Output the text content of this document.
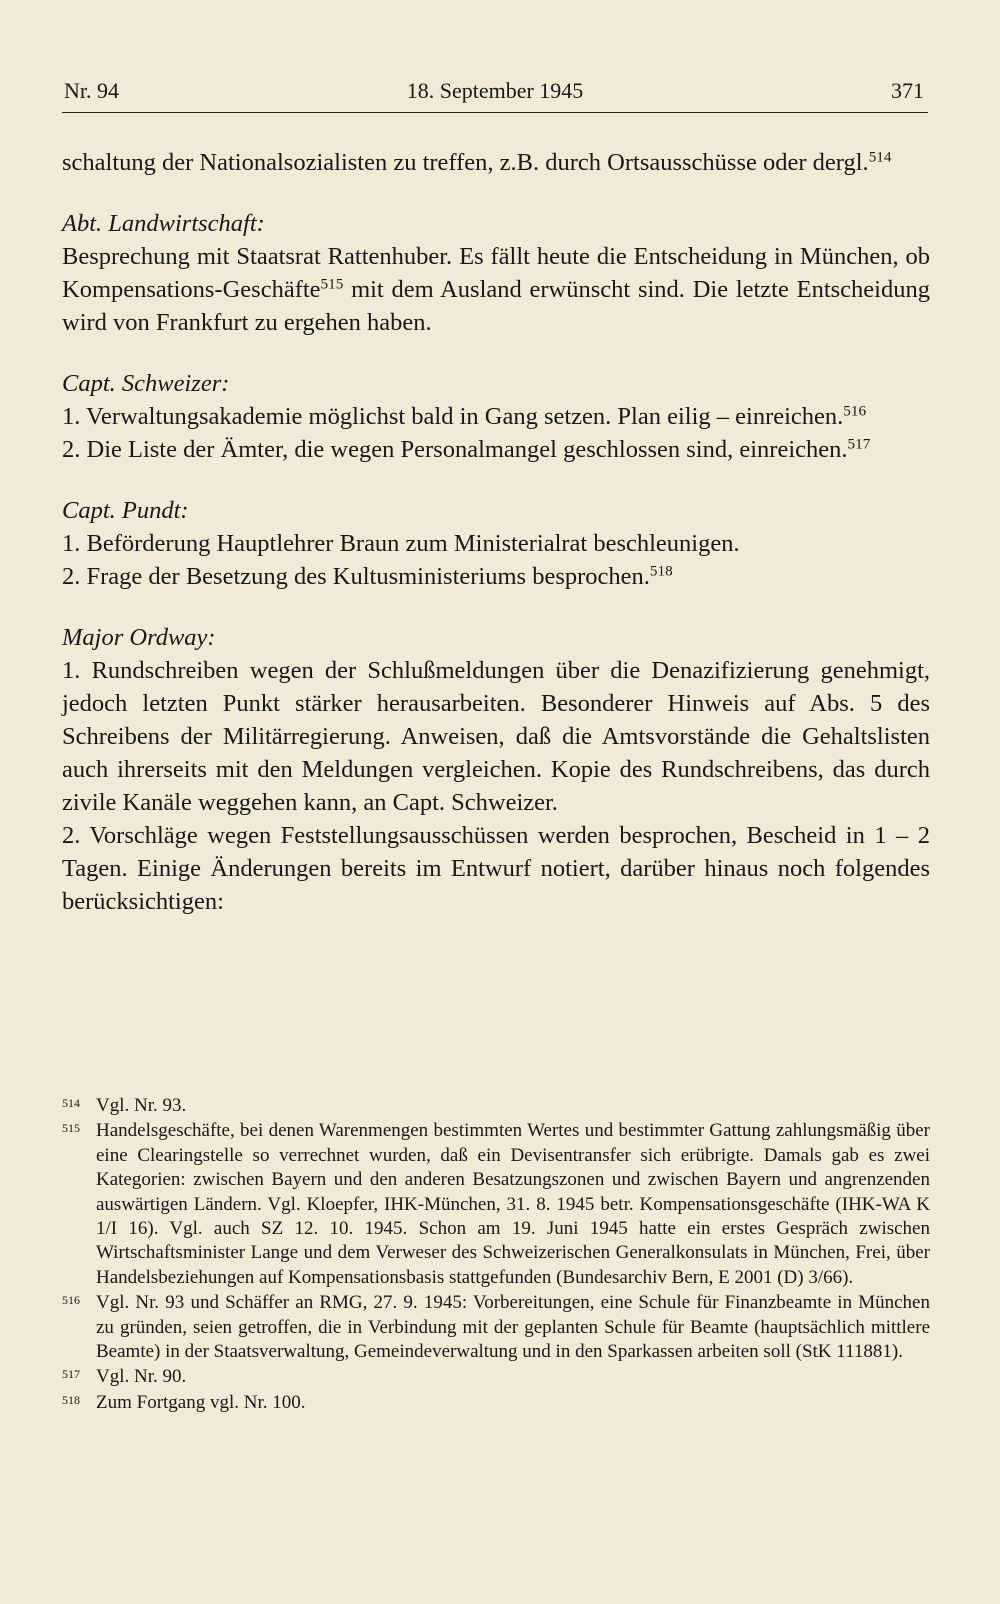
Nr. 94	18. September 1945	371

schaltung der Nationalsozialisten zu treffen, z.B. durch Ortsausschüsse oder dergl.$^{514}$

Abt. Landwirtschaft:

Besprechung mit Staatsrat Rattenhuber. Es fällt heute die Entscheidung in München, ob Kompensations-Geschäfte$^{515}$ mit dem Ausland erwünscht sind. Die letzte Entscheidung wird von Frankfurt zu ergehen haben.

Capt. Schweizer:

1. Verwaltungsakademie möglichst bald in Gang setzen. Plan eilig – einreichen.$^{516}$

2. Die Liste der Ämter, die wegen Personalmangel geschlossen sind, einreichen.$^{517}$

Capt. Pundt:

1. Beförderung Hauptlehrer Braun zum Ministerialrat beschleunigen.

2. Frage der Besetzung des Kultusministeriums besprochen.$^{518}$

Major Ordway:

1. Rundschreiben wegen der Schlußmeldungen über die Denazifizierung genehmigt, jedoch letzten Punkt stärker herausarbeiten. Besonderer Hinweis auf Abs. 5 des Schreibens der Militärregierung. Anweisen, daß die Amtsvorstände die Gehaltslisten auch ihrerseits mit den Meldungen vergleichen. Kopie des Rundschreibens, das durch zivile Kanäle weggehen kann, an Capt. Schweizer.

2. Vorschläge wegen Feststellungsausschüssen werden besprochen, Bescheid in 1 – 2 Tagen. Einige Änderungen bereits im Entwurf notiert, darüber hinaus noch folgendes berücksichtigen:

514 Vgl. Nr. 93.

515 Handelsgeschäfte, bei denen Warenmengen bestimmten Wertes und bestimmter Gattung zahlungsmäßig über eine Clearingstelle so verrechnet wurden, daß ein Devisentransfer sich erübrigte. Damals gab es zwei Kategorien: zwischen Bayern und den anderen Besatzungszonen und zwischen Bayern und angrenzenden auswärtigen Ländern. Vgl. Kloepfer, IHK-München, 31. 8. 1945 betr. Kompensationsgeschäfte (IHK-WA K 1/I 16). Vgl. auch SZ 12. 10. 1945. Schon am 19. Juni 1945 hatte ein erstes Gespräch zwischen Wirtschaftsminister Lange und dem Verweser des Schweizerischen Generalkonsulats in München, Frei, über Handelsbeziehungen auf Kompensationsbasis stattgefunden (Bundesarchiv Bern, E 2001 (D) 3/66).

516 Vgl. Nr. 93 und Schäffer an RMG, 27. 9. 1945: Vorbereitungen, eine Schule für Finanzbeamte in München zu gründen, seien getroffen, die in Verbindung mit der geplanten Schule für Beamte (hauptsächlich mittlere Beamte) in der Staatsverwaltung, Gemeindeverwaltung und in den Sparkassen arbeiten soll (StK 111881).

517 Vgl. Nr. 90.

518 Zum Fortgang vgl. Nr. 100.
